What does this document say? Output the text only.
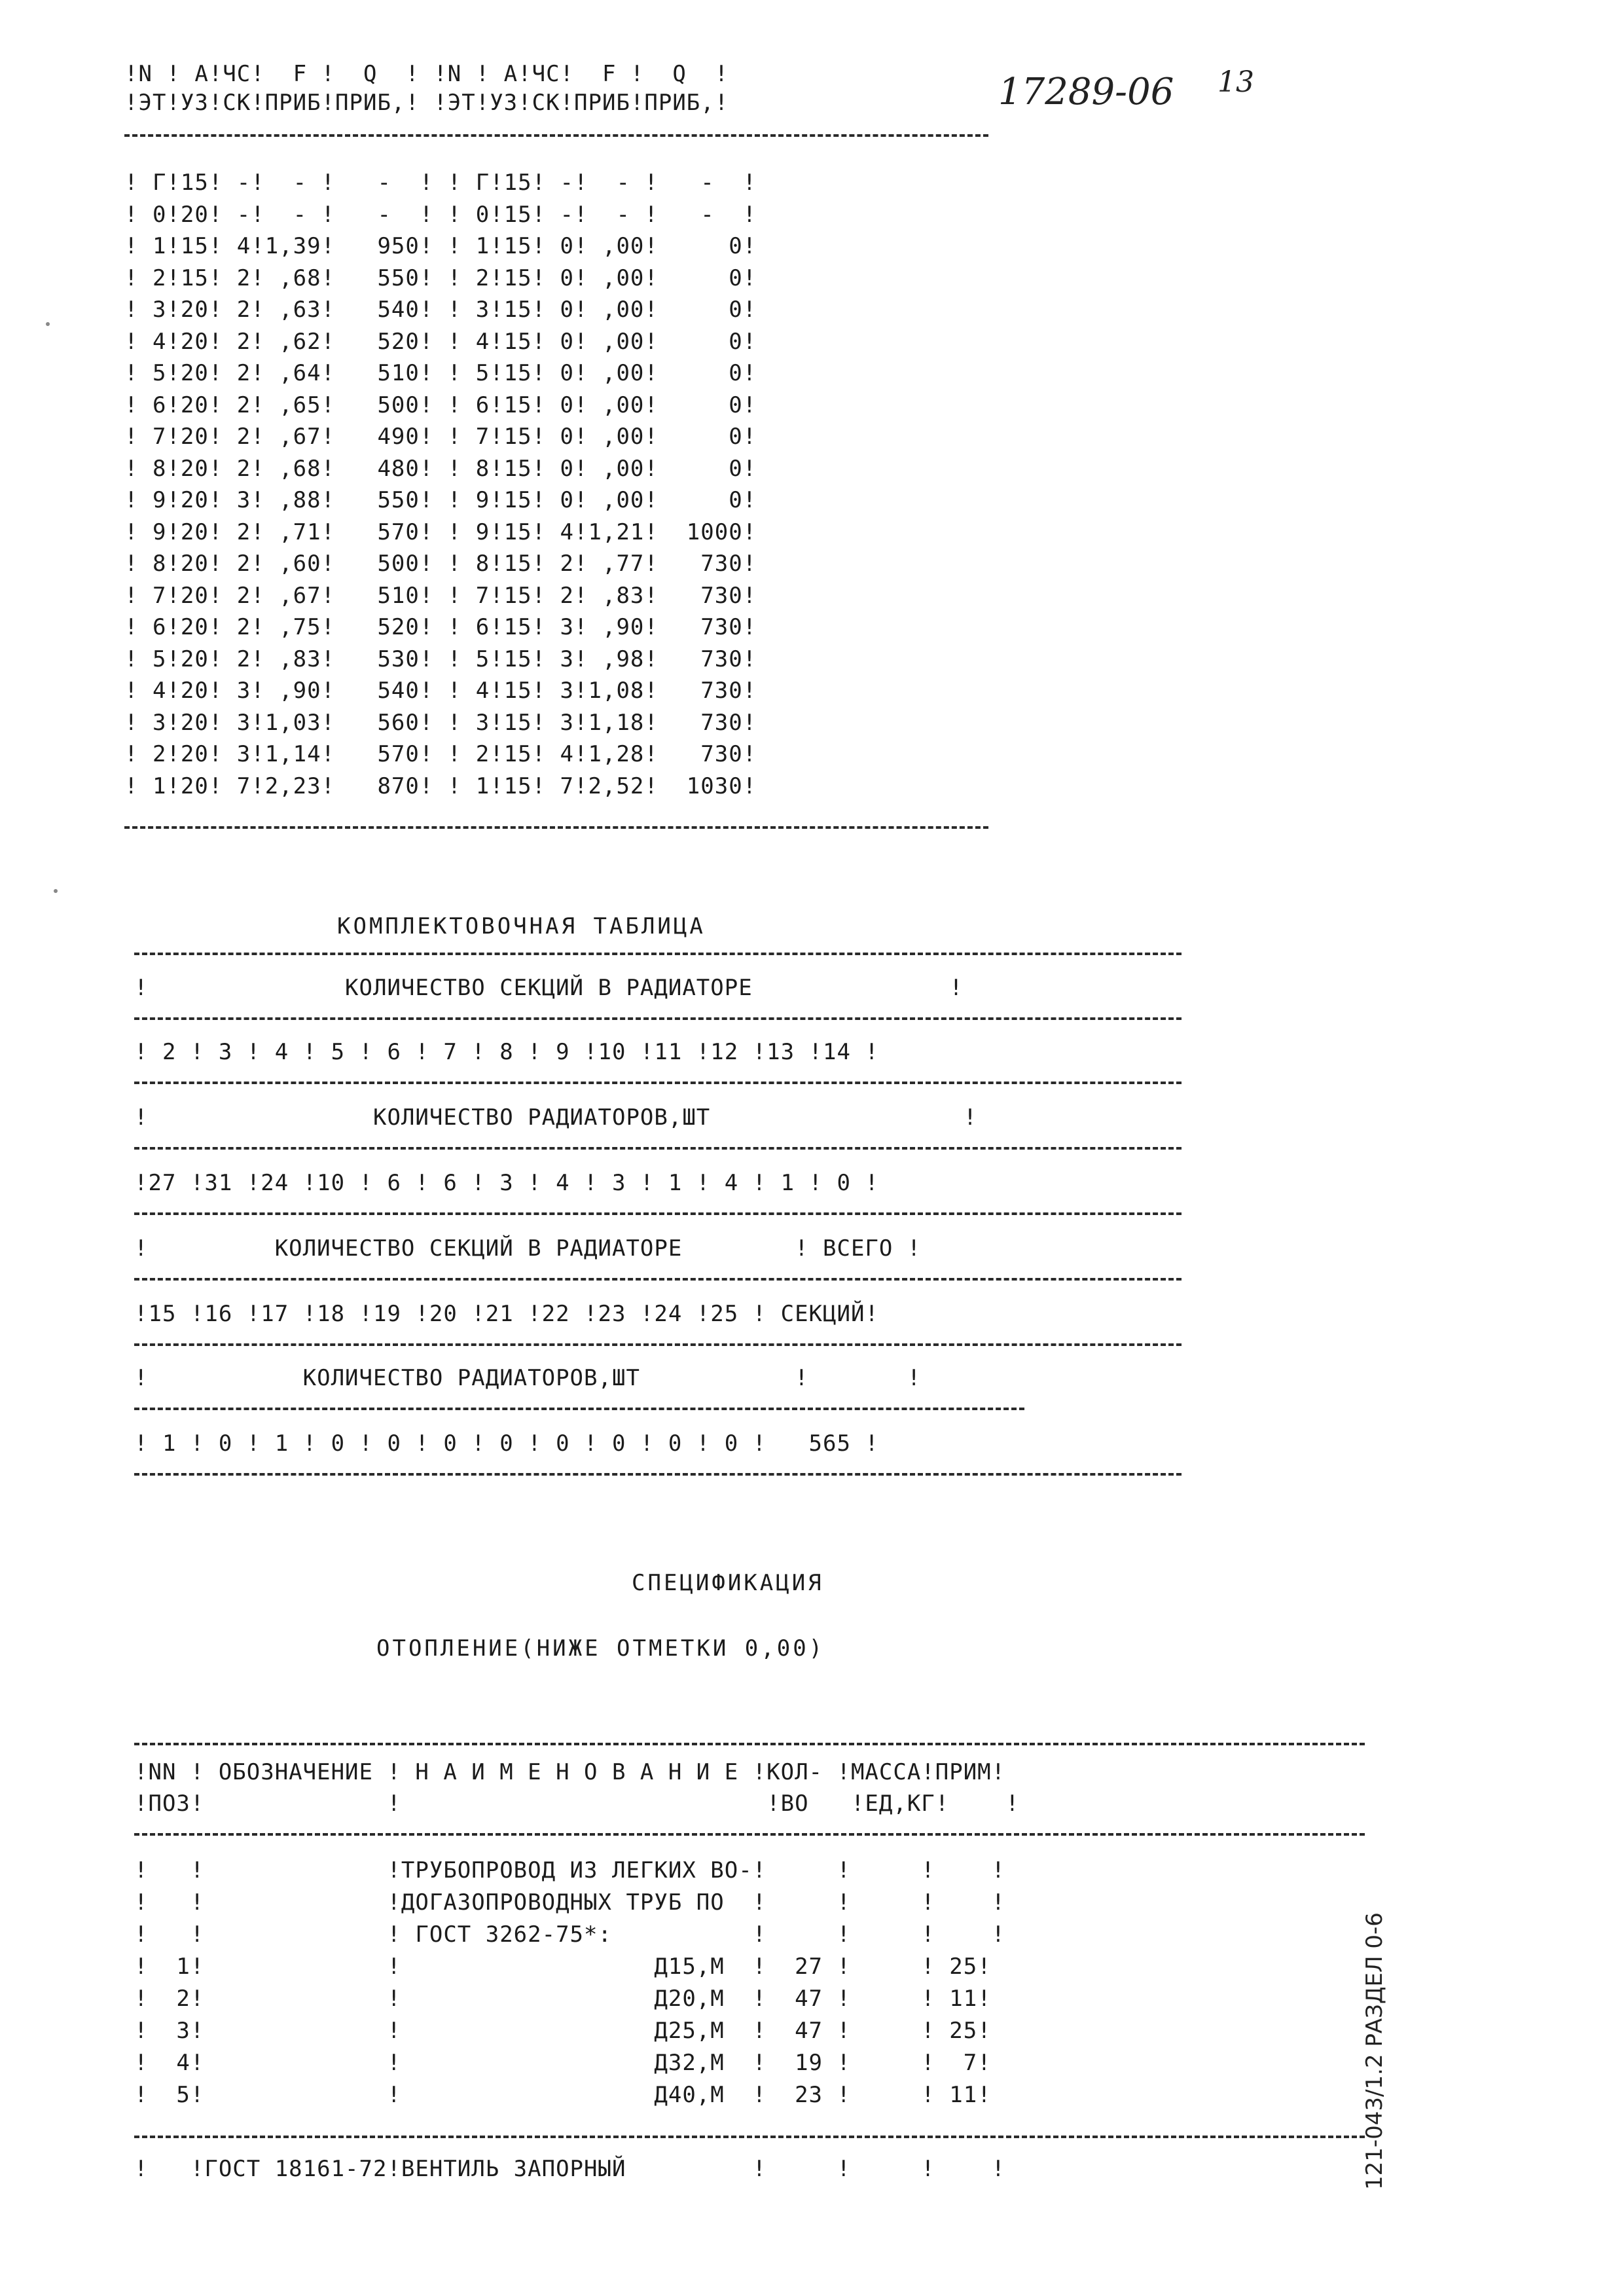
17289-06 13
121-043/1.2 РАЗДЕЛ 0-6
!N ! A!ЧС!  F !  Q  ! !N ! A!ЧС!  F !  Q  !
!ЭТ!УЗ!СК!ПРИБ!ПРИБ,! !ЭТ!УЗ!СК!ПРИБ!ПРИБ,!
! Г!15! -!  - !   -  ! ! Г!15! -!  - !   -  !
! 0!20! -!  - !   -  ! ! 0!15! -!  - !   -  !
! 1!15! 4!1,39!   950! ! 1!15! 0! ,00!     0!
! 2!15! 2! ,68!   550! ! 2!15! 0! ,00!     0!
! 3!20! 2! ,63!   540! ! 3!15! 0! ,00!     0!
! 4!20! 2! ,62!   520! ! 4!15! 0! ,00!     0!
! 5!20! 2! ,64!   510! ! 5!15! 0! ,00!     0!
! 6!20! 2! ,65!   500! ! 6!15! 0! ,00!     0!
! 7!20! 2! ,67!   490! ! 7!15! 0! ,00!     0!
! 8!20! 2! ,68!   480! ! 8!15! 0! ,00!     0!
! 9!20! 3! ,88!   550! ! 9!15! 0! ,00!     0!
! 9!20! 2! ,71!   570! ! 9!15! 4!1,21!  1000!
! 8!20! 2! ,60!   500! ! 8!15! 2! ,77!   730!
! 7!20! 2! ,67!   510! ! 7!15! 2! ,83!   730!
! 6!20! 2! ,75!   520! ! 6!15! 3! ,90!   730!
! 5!20! 2! ,83!   530! ! 5!15! 3! ,98!   730!
! 4!20! 3! ,90!   540! ! 4!15! 3!1,08!   730!
! 3!20! 3!1,03!   560! ! 3!15! 3!1,18!   730!
! 2!20! 3!1,14!   570! ! 2!15! 4!1,28!   730!
! 1!20! 7!2,23!   870! ! 1!15! 7!2,52!  1030!
КОМПЛЕКТОВОЧНАЯ ТАБЛИЦА
!              КОЛИЧЕСТВО СЕКЦИЙ В РАДИАТОРЕ              !
! 2 ! 3 ! 4 ! 5 ! 6 ! 7 ! 8 ! 9 !10 !11 !12 !13 !14 !
!                КОЛИЧЕСТВО РАДИАТОРОВ,ШТ                  !
!27 !31 !24 !10 ! 6 ! 6 ! 3 ! 4 ! 3 ! 1 ! 4 ! 1 ! 0 !
!         КОЛИЧЕСТВО СЕКЦИЙ В РАДИАТОРЕ        ! ВСЕГО !
!15 !16 !17 !18 !19 !20 !21 !22 !23 !24 !25 ! СЕКЦИЙ!
!           КОЛИЧЕСТВО РАДИАТОРОВ,ШТ           !       !
! 1 ! 0 ! 1 ! 0 ! 0 ! 0 ! 0 ! 0 ! 0 ! 0 ! 0 !   565 !
СПЕЦИФИКАЦИЯ
ОТОПЛЕНИЕ(НИЖЕ ОТМЕТКИ 0,00)
!NN ! ОБОЗНАЧЕНИЕ ! Н А И М Е Н О В А Н И Е !КОЛ- !МАССА!ПРИМ!
!ПОЗ!             !                          !ВО   !ЕД,КГ!    !
!   !             !ТРУБОПРОВОД ИЗ ЛЕГКИХ ВО-!     !     !    !
!   !             !ДОГАЗОПРОВОДНЫХ ТРУБ ПО  !     !     !    !
!   !             ! ГОСТ 3262-75*:          !     !     !    !
!  1!             !                  Д15,М  !  27 !     ! 25!
!  2!             !                  Д20,М  !  47 !     ! 11!
!  3!             !                  Д25,М  !  47 !     ! 25!
!  4!             !                  Д32,М  !  19 !     !  7!
!  5!             !                  Д40,М  !  23 !     ! 11!
!   !ГОСТ 18161-72!ВЕНТИЛЬ ЗАПОРНЫЙ         !     !     !    !
